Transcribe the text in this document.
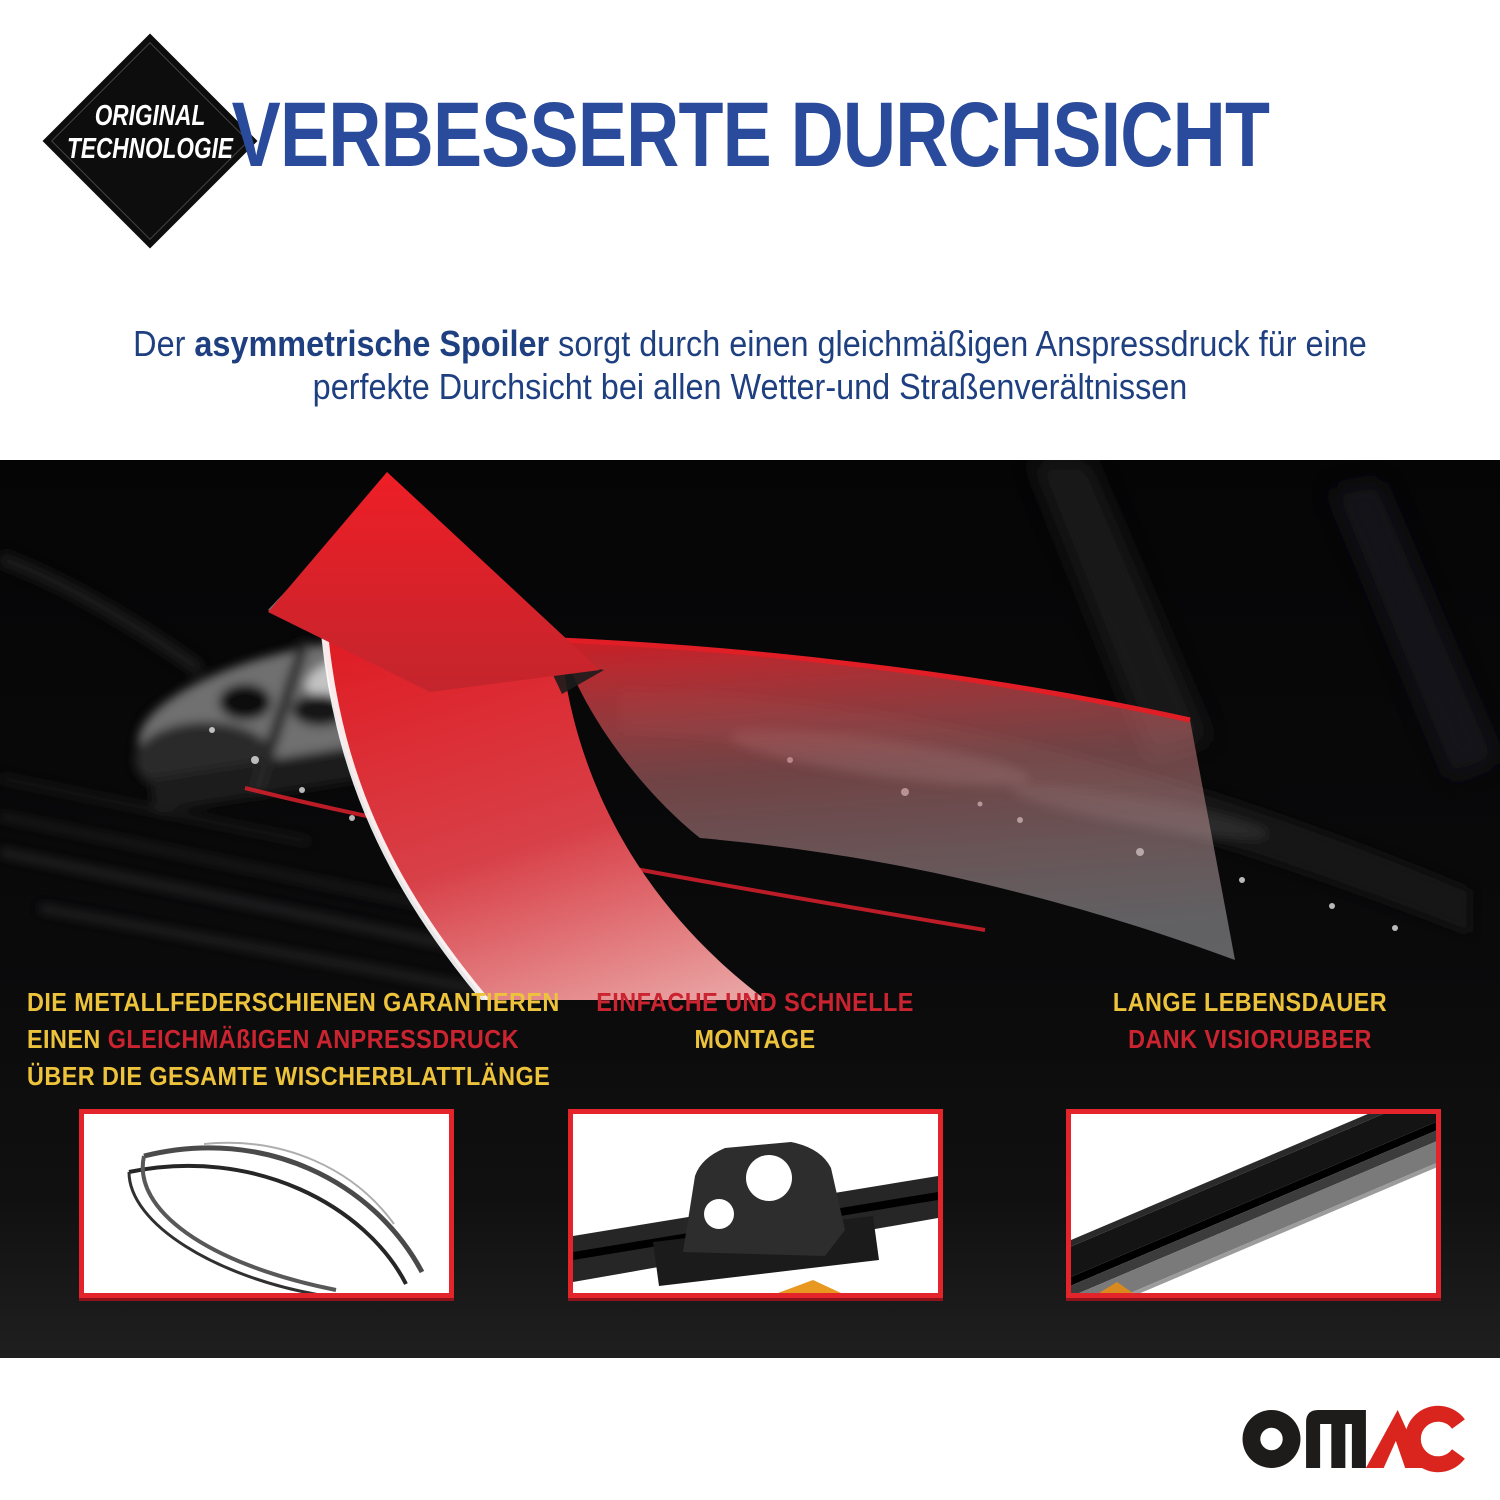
ORIGINAL
TECHNOLOGIE
VERBESSERTE DURCHSICHT

Der asymmetrische Spoiler sorgt durch einen gleichmäßigen Anspressdruck für eine
perfekte Durchsicht bei allen Wetter-und Straßenverältnissen

DIE METALLFEDERSCHIENEN GARANTIEREN
EINEN GLEICHMÄßIGEN ANPRESSDRUCK
ÜBER DIE GESAMTE WISCHERBLATTLÄNGE
EINFACHE UND SCHNELLE
MONTAGE
LANGE LEBENSDAUER
DANK VISIORUBBER
